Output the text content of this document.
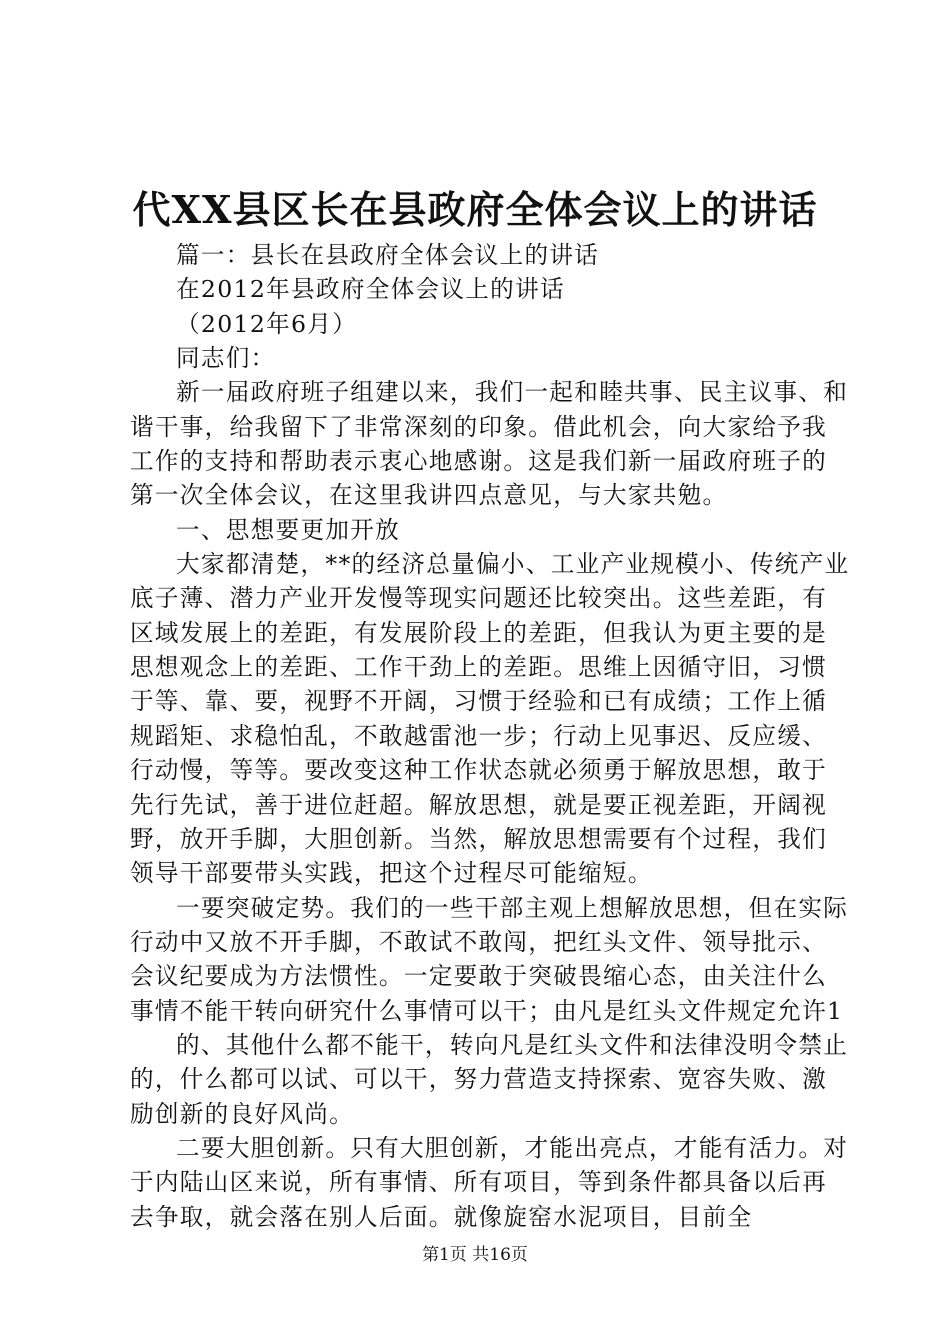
代XX县区长在县政府全体会议上的讲话

篇一：县长在县政府全体会议上的讲话

在2012年县政府全体会议上的讲话

（2012年6月）

同志们：

新一届政府班子组建以来，我们一起和睦共事、民主议事、和谐干事，给我留下了非常深刻的印象。借此机会，向大家给予我工作的支持和帮助表示衷心地感谢。这是我们新一届政府班子的第一次全体会议，在这里我讲四点意见，与大家共勉。

一、思想要更加开放

大家都清楚，**的经济总量偏小、工业产业规模小、传统产业底子薄、潜力产业开发慢等现实问题还比较突出。这些差距，有区域发展上的差距，有发展阶段上的差距，但我认为更主要的是思想观念上的差距、工作干劲上的差距。思维上因循守旧，习惯于等、靠、要，视野不开阔，习惯于经验和已有成绩；工作上循规蹈矩、求稳怕乱，不敢越雷池一步；行动上见事迟、反应缓、行动慢，等等。要改变这种工作状态就必须勇于解放思想，敢于先行先试，善于进位赶超。解放思想，就是要正视差距，开阔视野，放开手脚，大胆创新。当然，解放思想需要有个过程，我们领导干部要带头实践，把这个过程尽可能缩短。

一要突破定势。我们的一些干部主观上想解放思想，但在实际行动中又放不开手脚，不敢试不敢闯，把红头文件、领导批示、会议纪要成为方法惯性。一定要敢于突破畏缩心态，由关注什么事情不能干转向研究什么事情可以干；由凡是红头文件规定允许1

的、其他什么都不能干，转向凡是红头文件和法律没明令禁止的，什么都可以试、可以干，努力营造支持探索、宽容失败、激励创新的良好风尚。

二要大胆创新。只有大胆创新，才能出亮点，才能有活力。对于内陆山区来说，所有事情、所有项目，等到条件都具备以后再去争取，就会落在别人后面。就像旋窑水泥项目，目前全

第1页 共16页
